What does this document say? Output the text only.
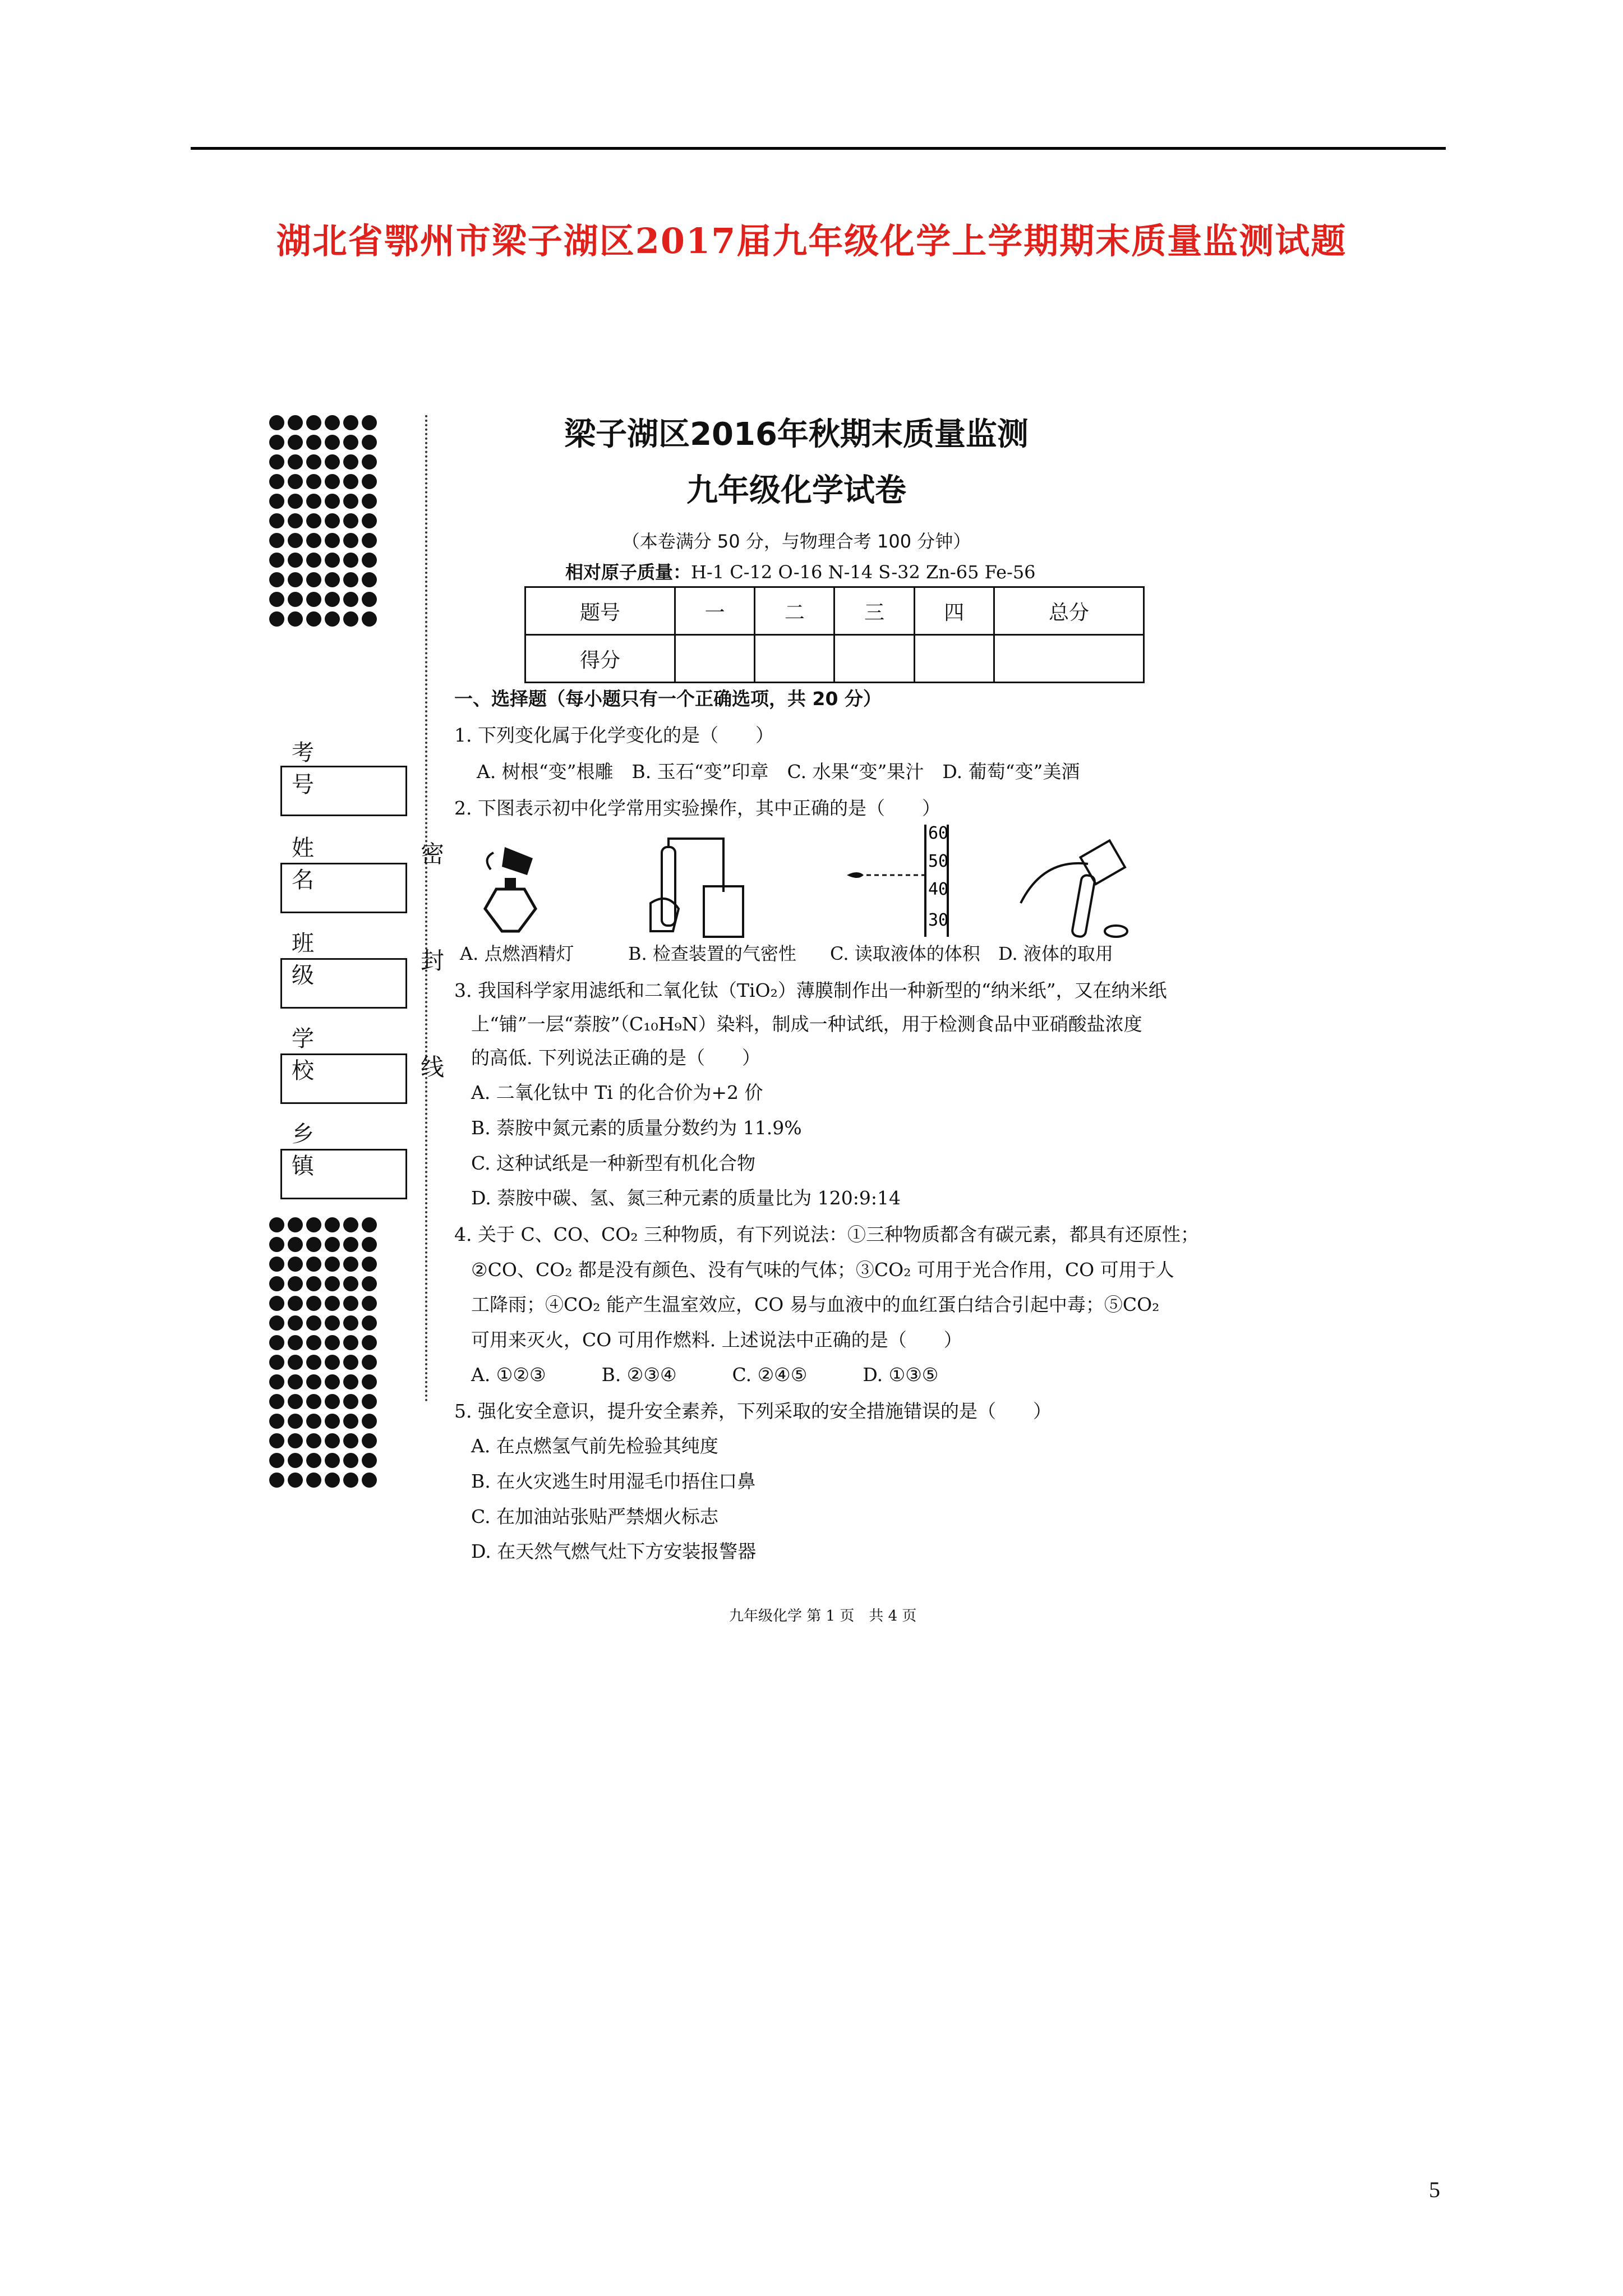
湖北省鄂州市梁子湖区2017届九年级化学上学期期末质量监测试题
考 号
姓 名
班 级
学 校
乡 镇
密
封
线
梁子湖区2016年秋期末质量监测
九年级化学试卷
（本卷满分 50 分，与物理合考 100 分钟）
相对原子质量：H-1 C-12 O-16 N-14 S-32 Zn-65 Fe-56
题号	一	二	三	四	总分
得分					
一、选择题（每小题只有一个正确选项，共 20 分）
1. 下列变化属于化学变化的是（　　）
A. 树根“变”根雕　B. 玉石“变”印章　C. 水果“变”果汁　D. 葡萄“变”美酒
2. 下图表示初中化学常用实验操作，其中正确的是（　　）
60
50
40
30
A. 点燃酒精灯	B. 检查装置的气密性 C. 读取液体的体积 D. 液体的取用
3. 我国科学家用滤纸和二氧化钛（TiO₂）薄膜制作出一种新型的“纳米纸”，又在纳米纸
上“铺”一层“萘胺”（C₁₀H₉N）染料，制成一种试纸，用于检测食品中亚硝酸盐浓度
的高低. 下列说法正确的是（　　）
A. 二氧化钛中 Ti 的化合价为+2 价
B. 萘胺中氮元素的质量分数约为 11.9%
C. 这种试纸是一种新型有机化合物
D. 萘胺中碳、氢、氮三种元素的质量比为 120:9:14
4. 关于 C、CO、CO₂ 三种物质，有下列说法：①三种物质都含有碳元素，都具有还原性；
②CO、CO₂ 都是没有颜色、没有气味的气体；③CO₂ 可用于光合作用，CO 可用于人
工降雨；④CO₂ 能产生温室效应，CO 易与血液中的血红蛋白结合引起中毒；⑤CO₂
可用来灭火，CO 可用作燃料. 上述说法中正确的是（　　）
A. ①②③　　　B. ②③④　　　C. ②④⑤　　　D. ①③⑤
5. 强化安全意识，提升安全素养，下列采取的安全措施错误的是（　　）
A. 在点燃氢气前先检验其纯度
B. 在火灾逃生时用湿毛巾捂住口鼻
C. 在加油站张贴严禁烟火标志
D. 在天然气燃气灶下方安装报警器
九年级化学 第 1 页　共 4 页
5
